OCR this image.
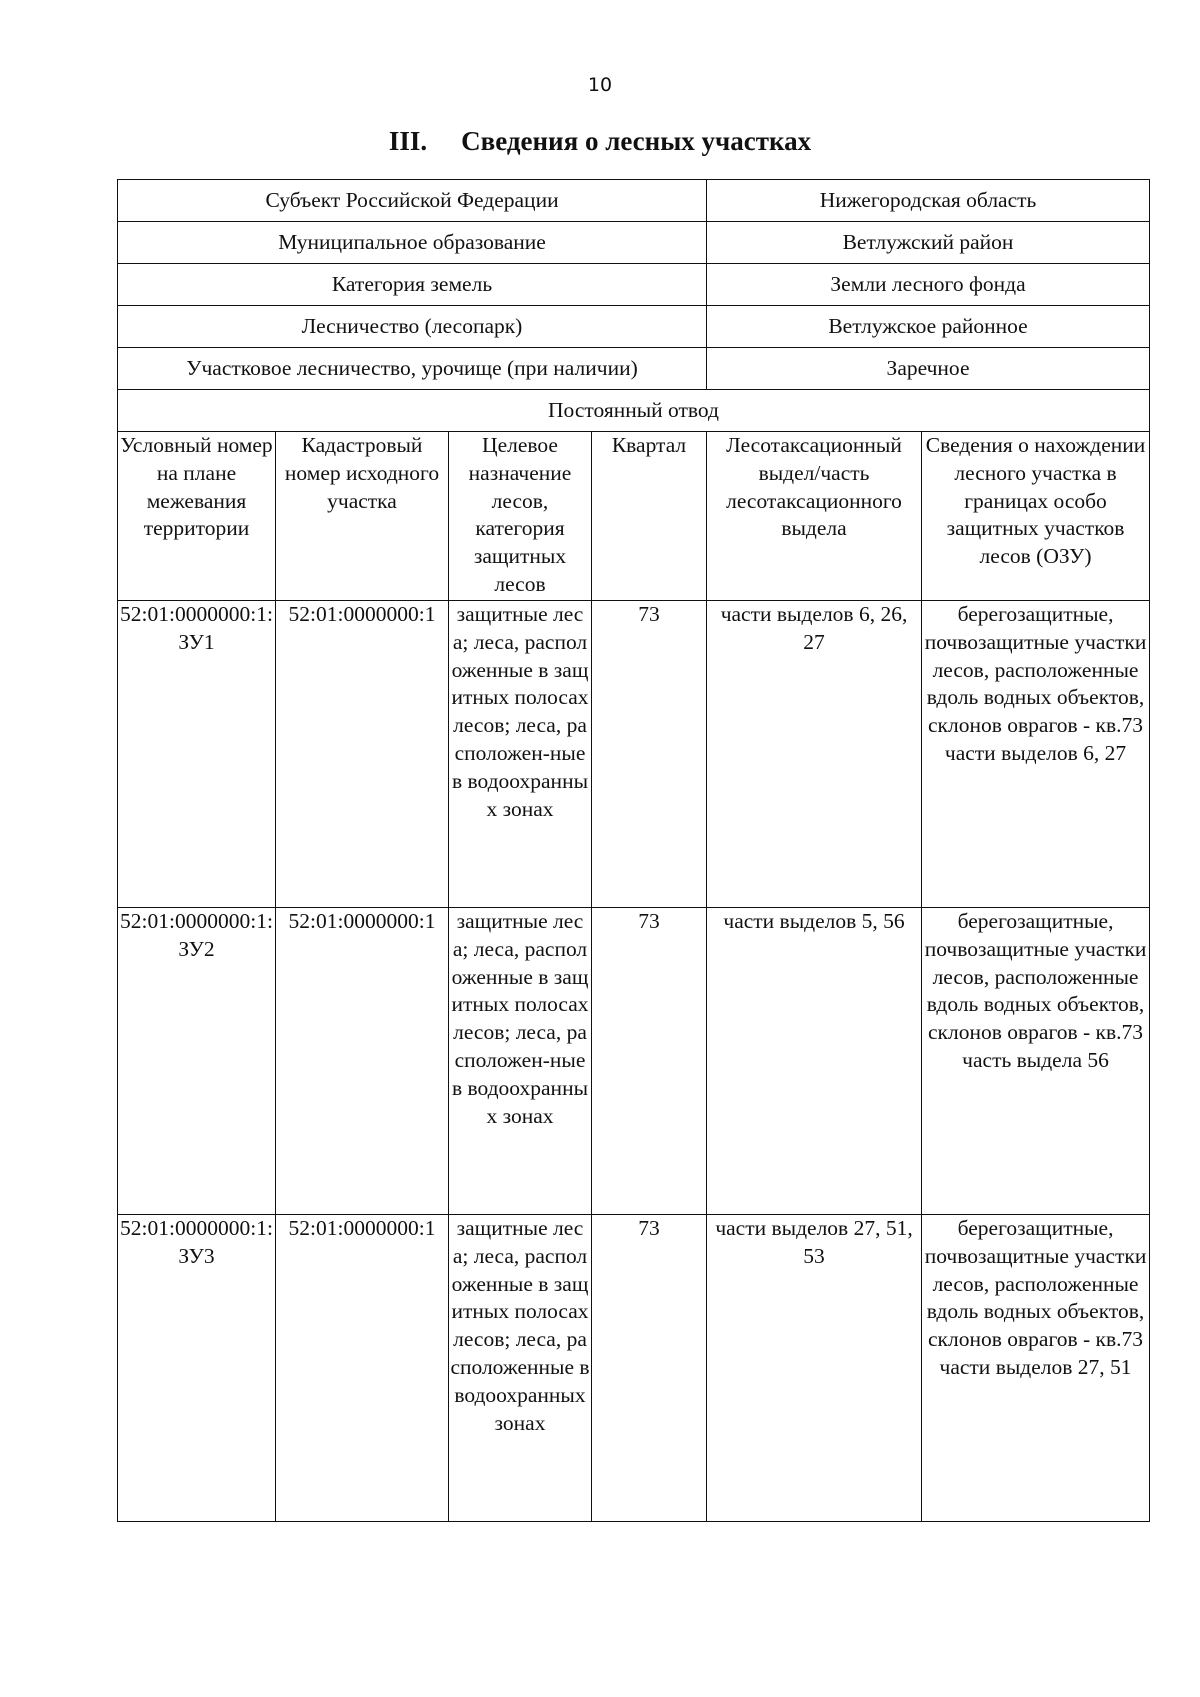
10
III. Сведения о лесных участках
Субъект Российской Федерации				Нижегородская область	
Муниципальное образование				Ветлужский район	
Категория земель				Земли лесного фонда	
Лесничество (лесопарк)				Ветлужское районное	
Участковое лесничество, урочище (при наличии)				Заречное	
Постоянный отвод					
Условный номер на плане межевания территории	Кадастровый номер исходного участка	Целевое назначение лесов, категория защитных лесов	Квартал	Лесотаксационный выдел/часть лесотаксационного выдела	Сведения о нахождении лесного участка в границах особо защитных участков лесов (ОЗУ)
52:01:0000000:1:ЗУ1	52:01:0000000:1	защитные леса; леса, расположенные в защитных полосах лесов; леса, расположен-ные в водоохранных зонах	73	части выделов 6, 26, 27	берегозащитные, почвозащитные участки лесов, расположенные вдоль водных объектов, склонов оврагов - кв.73 части выделов 6, 27
52:01:0000000:1:ЗУ2	52:01:0000000:1	защитные леса; леса, расположенные в защитных полосах лесов; леса, расположен-ные в водоохранных зонах	73	части выделов 5, 56	берегозащитные, почвозащитные участки лесов, расположенные вдоль водных объектов, склонов оврагов - кв.73 часть выдела 56
52:01:0000000:1:ЗУ3	52:01:0000000:1	защитные леса; леса, расположенные в защитных полосах лесов; леса, расположенные в водоохранных зонах	73	части выделов 27, 51, 53	берегозащитные, почвозащитные участки лесов, расположенные вдоль водных объектов, склонов оврагов - кв.73 части выделов 27, 51
